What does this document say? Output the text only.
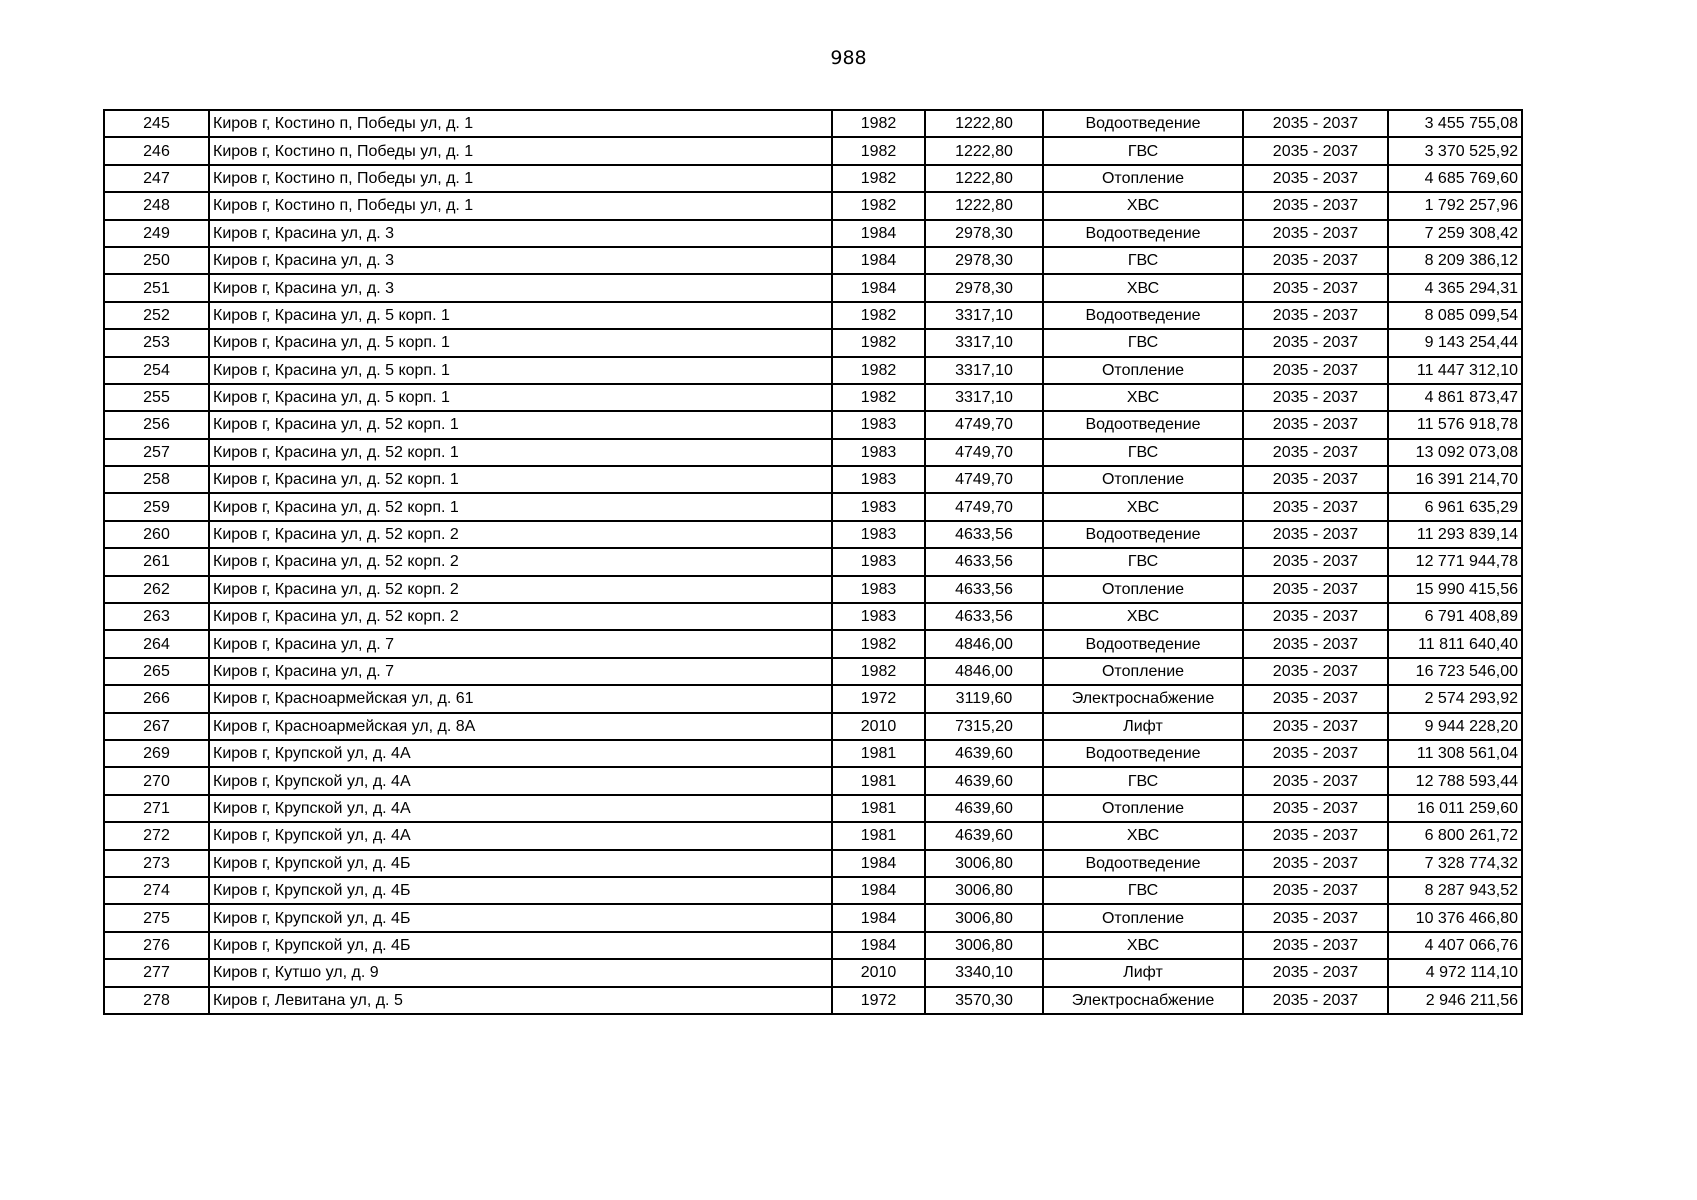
988
245	Киров г, Костино п, Победы ул, д. 1	1982	1222,80	Водоотведение	2035 - 2037	3 455 755,08
246	Киров г, Костино п, Победы ул, д. 1	1982	1222,80	ГВС	2035 - 2037	3 370 525,92
247	Киров г, Костино п, Победы ул, д. 1	1982	1222,80	Отопление	2035 - 2037	4 685 769,60
248	Киров г, Костино п, Победы ул, д. 1	1982	1222,80	ХВС	2035 - 2037	1 792 257,96
249	Киров г, Красина ул, д. 3	1984	2978,30	Водоотведение	2035 - 2037	7 259 308,42
250	Киров г, Красина ул, д. 3	1984	2978,30	ГВС	2035 - 2037	8 209 386,12
251	Киров г, Красина ул, д. 3	1984	2978,30	ХВС	2035 - 2037	4 365 294,31
252	Киров г, Красина ул, д. 5 корп. 1	1982	3317,10	Водоотведение	2035 - 2037	8 085 099,54
253	Киров г, Красина ул, д. 5 корп. 1	1982	3317,10	ГВС	2035 - 2037	9 143 254,44
254	Киров г, Красина ул, д. 5 корп. 1	1982	3317,10	Отопление	2035 - 2037	11 447 312,10
255	Киров г, Красина ул, д. 5 корп. 1	1982	3317,10	ХВС	2035 - 2037	4 861 873,47
256	Киров г, Красина ул, д. 52 корп. 1	1983	4749,70	Водоотведение	2035 - 2037	11 576 918,78
257	Киров г, Красина ул, д. 52 корп. 1	1983	4749,70	ГВС	2035 - 2037	13 092 073,08
258	Киров г, Красина ул, д. 52 корп. 1	1983	4749,70	Отопление	2035 - 2037	16 391 214,70
259	Киров г, Красина ул, д. 52 корп. 1	1983	4749,70	ХВС	2035 - 2037	6 961 635,29
260	Киров г, Красина ул, д. 52 корп. 2	1983	4633,56	Водоотведение	2035 - 2037	11 293 839,14
261	Киров г, Красина ул, д. 52 корп. 2	1983	4633,56	ГВС	2035 - 2037	12 771 944,78
262	Киров г, Красина ул, д. 52 корп. 2	1983	4633,56	Отопление	2035 - 2037	15 990 415,56
263	Киров г, Красина ул, д. 52 корп. 2	1983	4633,56	ХВС	2035 - 2037	6 791 408,89
264	Киров г, Красина ул, д. 7	1982	4846,00	Водоотведение	2035 - 2037	11 811 640,40
265	Киров г, Красина ул, д. 7	1982	4846,00	Отопление	2035 - 2037	16 723 546,00
266	Киров г, Красноармейская ул, д. 61	1972	3119,60	Электроснабжение	2035 - 2037	2 574 293,92
267	Киров г, Красноармейская ул, д. 8А	2010	7315,20	Лифт	2035 - 2037	9 944 228,20
269	Киров г, Крупской ул, д. 4А	1981	4639,60	Водоотведение	2035 - 2037	11 308 561,04
270	Киров г, Крупской ул, д. 4А	1981	4639,60	ГВС	2035 - 2037	12 788 593,44
271	Киров г, Крупской ул, д. 4А	1981	4639,60	Отопление	2035 - 2037	16 011 259,60
272	Киров г, Крупской ул, д. 4А	1981	4639,60	ХВС	2035 - 2037	6 800 261,72
273	Киров г, Крупской ул, д. 4Б	1984	3006,80	Водоотведение	2035 - 2037	7 328 774,32
274	Киров г, Крупской ул, д. 4Б	1984	3006,80	ГВС	2035 - 2037	8 287 943,52
275	Киров г, Крупской ул, д. 4Б	1984	3006,80	Отопление	2035 - 2037	10 376 466,80
276	Киров г, Крупской ул, д. 4Б	1984	3006,80	ХВС	2035 - 2037	4 407 066,76
277	Киров г, Кутшо ул, д. 9	2010	3340,10	Лифт	2035 - 2037	4 972 114,10
278	Киров г, Левитана ул, д. 5	1972	3570,30	Электроснабжение	2035 - 2037	2 946 211,56
